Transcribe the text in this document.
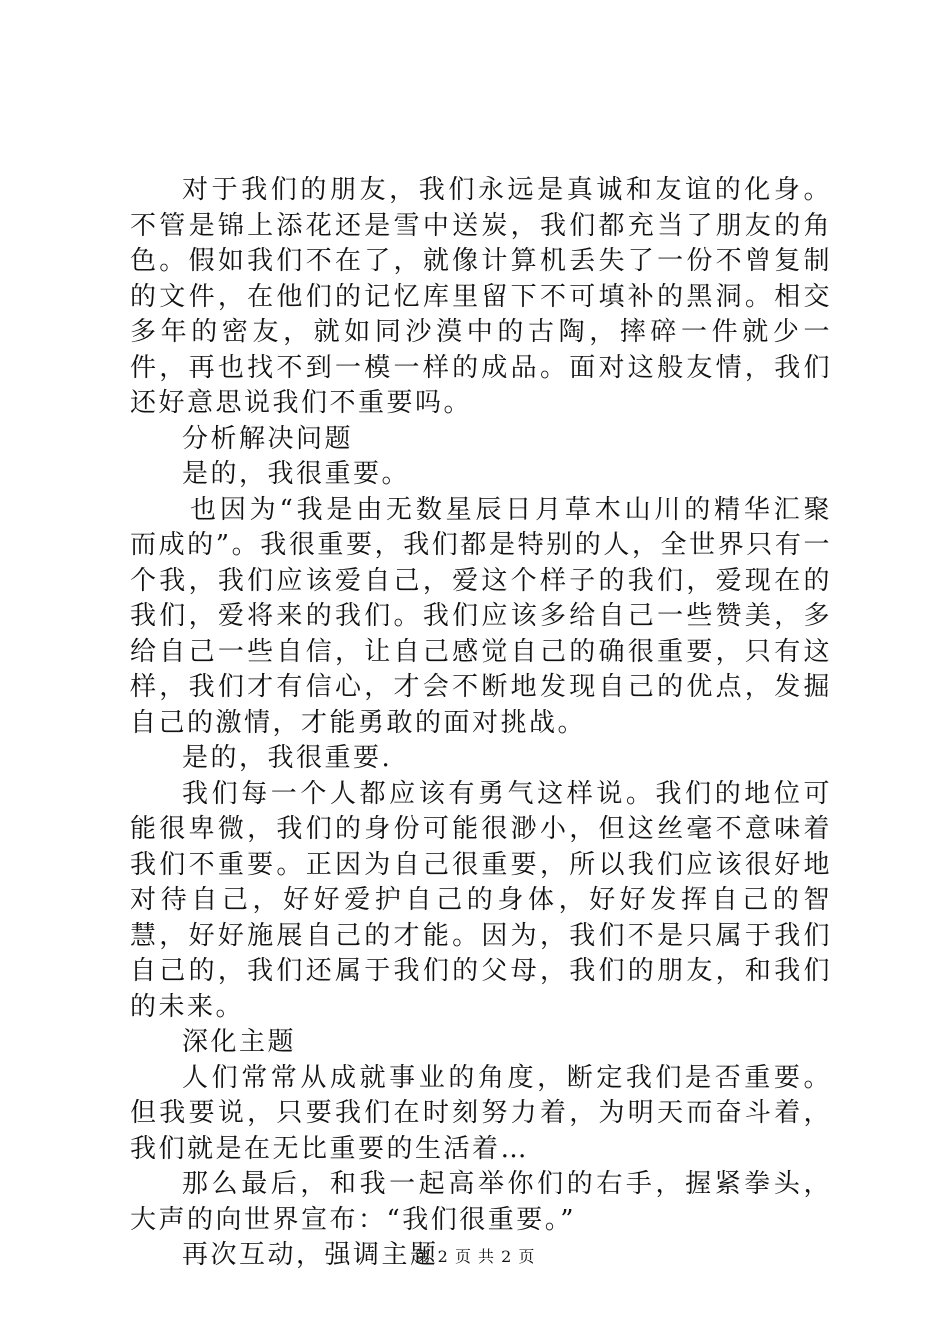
对于我们的朋友，我们永远是真诚和友谊的化身。不管是锦上添花还是雪中送炭，我们都充当了朋友的角色。假如我们不在了，就像计算机丢失了一份不曾复制的文件，在他们的记忆库里留下不可填补的黑洞。相交多年的密友，就如同沙漠中的古陶，摔碎一件就少一件，再也找不到一模一样的成品。面对这般友情，我们还好意思说我们不重要吗。

分析解决问题

是的，我很重要。

也因为“我是由无数星辰日月草木山川的精华汇聚而成的”。我很重要，我们都是特别的人，全世界只有一个我，我们应该爱自己，爱这个样子的我们，爱现在的我们，爱将来的我们。我们应该多给自己一些赞美，多给自己一些自信，让自己感觉自己的确很重要，只有这样，我们才有信心，才会不断地发现自己的优点，发掘自己的激情，才能勇敢的面对挑战。

是的，我很重要.

我们每一个人都应该有勇气这样说。我们的地位可能很卑微，我们的身份可能很渺小，但这丝毫不意味着我们不重要。正因为自己很重要，所以我们应该很好地对待自己，好好爱护自己的身体，好好发挥自己的智慧，好好施展自己的才能。因为，我们不是只属于我们自己的，我们还属于我们的父母，我们的朋友，和我们的未来。

深化主题

人们常常从成就事业的角度，断定我们是否重要。但我要说，只要我们在时刻努力着，为明天而奋斗着，我们就是在无比重要的生活着…

那么最后，和我一起高举你们的右手，握紧拳头，大声的向世界宣布：“我们很重要。”

再次互动，强调主题

第 2 页 共 2 页
